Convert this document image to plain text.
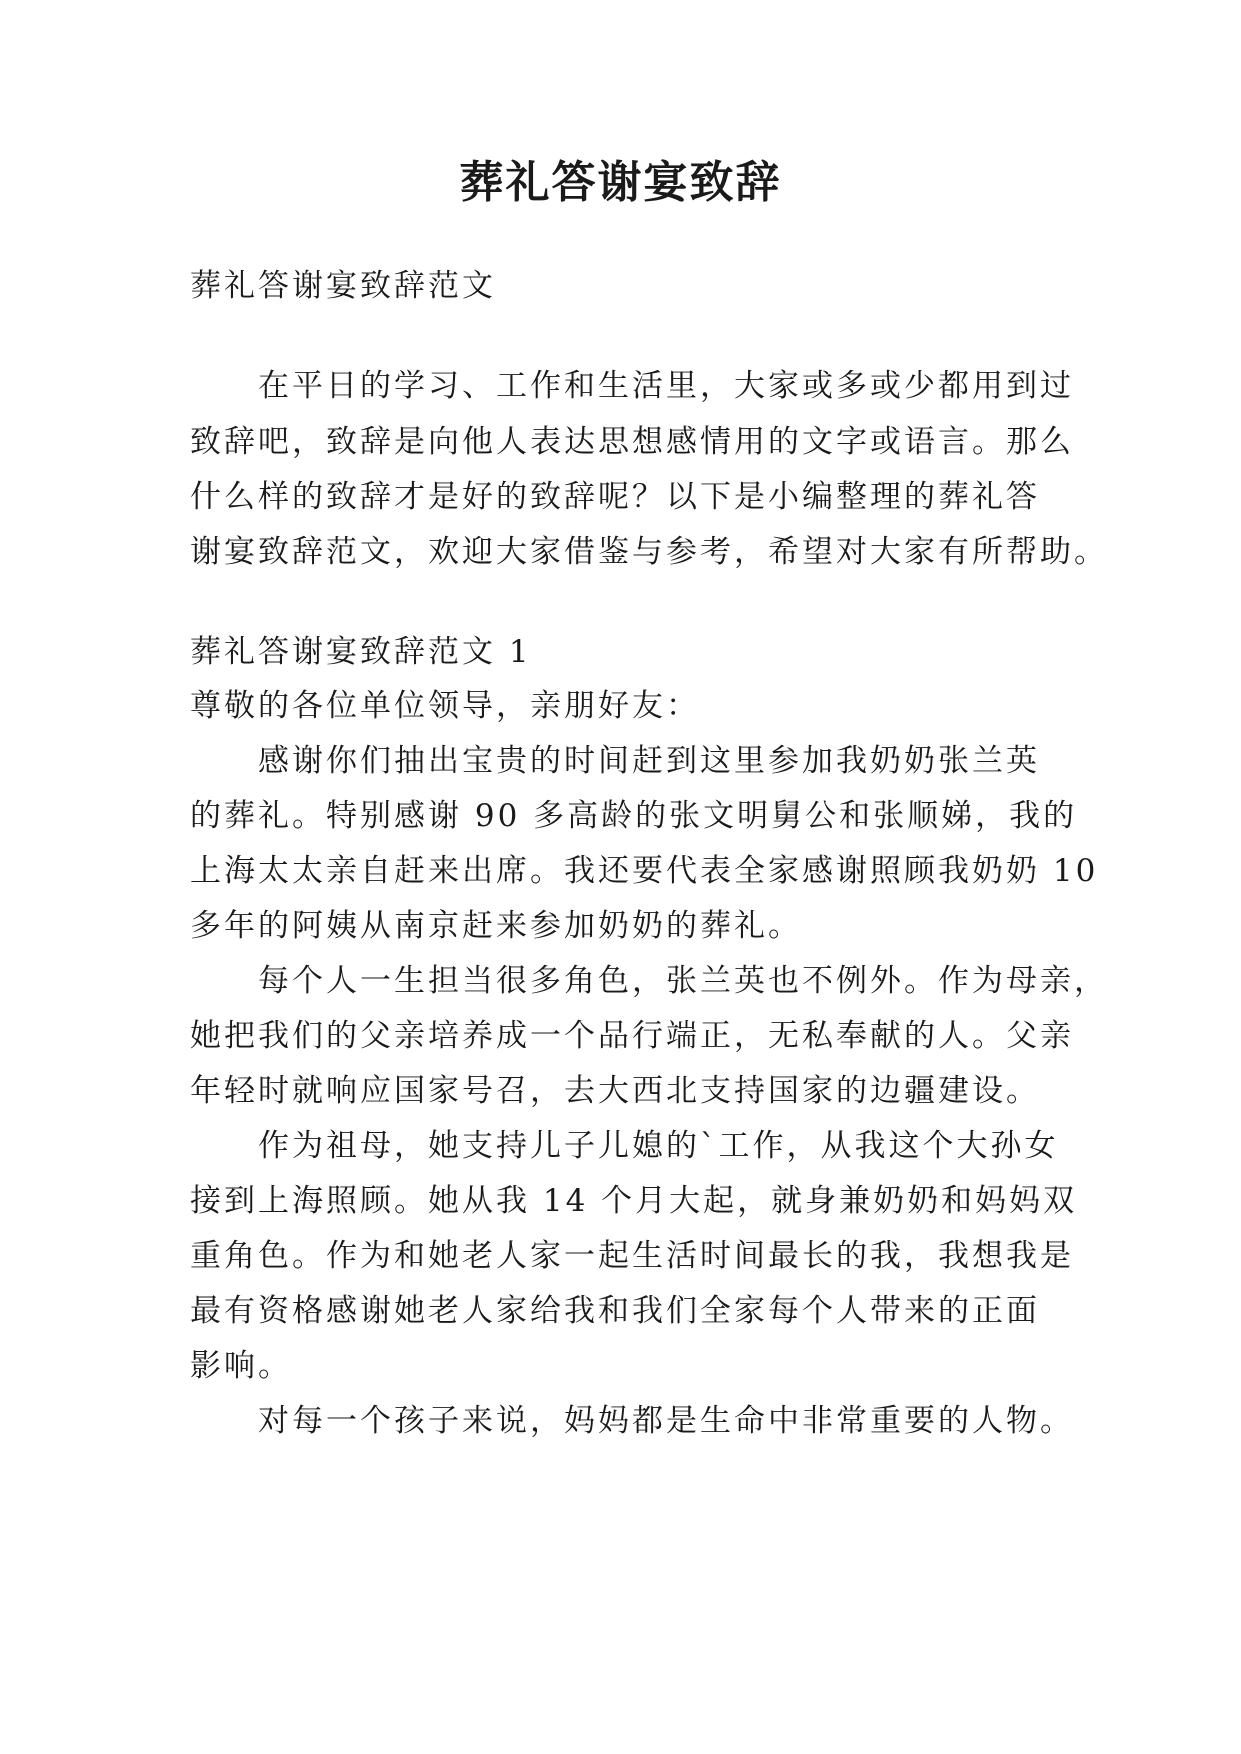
葬礼答谢宴致辞
葬礼答谢宴致辞范文
在平日的学习、工作和生活里，大家或多或少都用到过
致辞吧，致辞是向他人表达思想感情用的文字或语言。那么
什么样的致辞才是好的致辞呢？以下是小编整理的葬礼答
谢宴致辞范文，欢迎大家借鉴与参考，希望对大家有所帮助。
葬礼答谢宴致辞范文 1
尊敬的各位单位领导，亲朋好友：
感谢你们抽出宝贵的时间赶到这里参加我奶奶张兰英
的葬礼。特别感谢 90 多高龄的张文明舅公和张顺娣，我的
上海太太亲自赶来出席。我还要代表全家感谢照顾我奶奶 10
多年的阿姨从南京赶来参加奶奶的葬礼。
每个人一生担当很多角色，张兰英也不例外。作为母亲，
她把我们的父亲培养成一个品行端正，无私奉献的人。父亲
年轻时就响应国家号召，去大西北支持国家的边疆建设。
作为祖母，她支持儿子儿媳的`工作，从我这个大孙女
接到上海照顾。她从我 14 个月大起，就身兼奶奶和妈妈双
重角色。作为和她老人家一起生活时间最长的我，我想我是
最有资格感谢她老人家给我和我们全家每个人带来的正面
影响。
对每一个孩子来说，妈妈都是生命中非常重要的人物。
